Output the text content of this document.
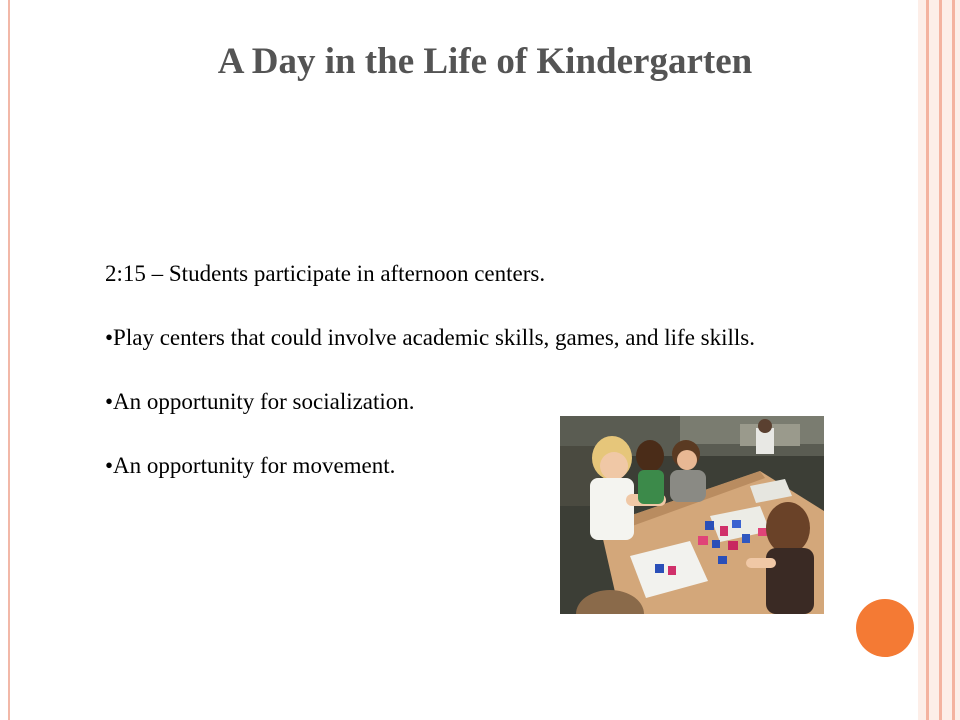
A Day in the Life of Kindergarten

2:15 – Students participate in afternoon centers.

•Play centers that could involve academic skills, games, and life skills.

•An opportunity for socialization.

•An opportunity for movement.
